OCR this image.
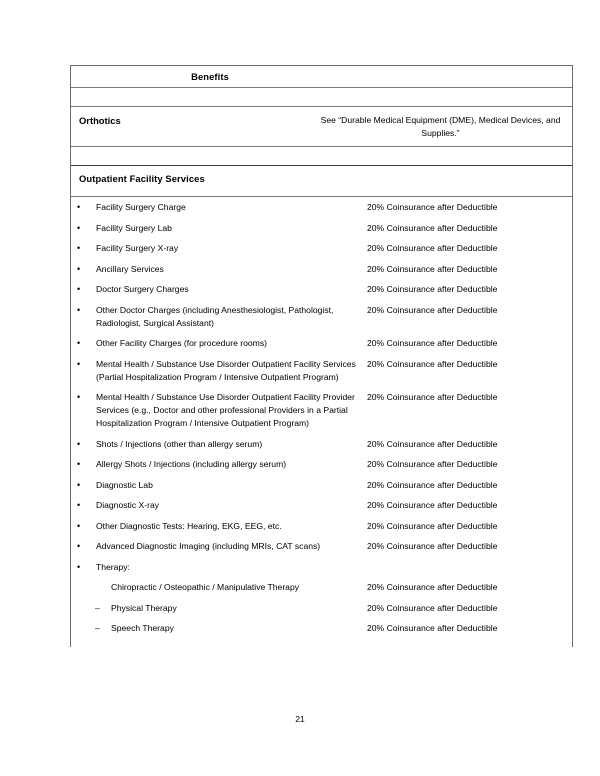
Benefits
Orthotics	See “Durable Medical Equipment (DME), Medical Devices, and Supplies.”
Outpatient Facility Services
•	Facility Surgery Charge	20% Coinsurance after Deductible
•	Facility Surgery Lab	20% Coinsurance after Deductible
•	Facility Surgery X-ray	20% Coinsurance after Deductible
•	Ancillary Services	20% Coinsurance after Deductible
•	Doctor Surgery Charges	20% Coinsurance after Deductible
•	Other Doctor Charges (including Anesthesiologist, Pathologist, Radiologist, Surgical Assistant)
20% Coinsurance after Deductible
•	Other Facility Charges (for procedure rooms)	20% Coinsurance after Deductible
•	Mental Health / Substance Use Disorder Outpatient Facility Services (Partial Hospitalization Program / Intensive Outpatient Program)
20% Coinsurance after Deductible
•	Mental Health / Substance Use Disorder Outpatient Facility Provider Services (e.g., Doctor and other professional Providers in a Partial Hospitalization Program / Intensive Outpatient Program)
20% Coinsurance after Deductible
•	Shots / Injections (other than allergy serum)	20% Coinsurance after Deductible
•	Allergy Shots / Injections (including allergy serum)	20% Coinsurance after Deductible
•	Diagnostic Lab	20% Coinsurance after Deductible
•	Diagnostic X-ray	20% Coinsurance after Deductible
•	Other Diagnostic Tests: Hearing, EKG, EEG, etc.	20% Coinsurance after Deductible
•	Advanced Diagnostic Imaging (including MRIs, CAT scans)	20% Coinsurance after Deductible
•	Therapy:
Chiropractic / Osteopathic / Manipulative Therapy	20% Coinsurance after Deductible
–	Physical Therapy	20% Coinsurance after Deductible
–	Speech Therapy	20% Coinsurance after Deductible
21
